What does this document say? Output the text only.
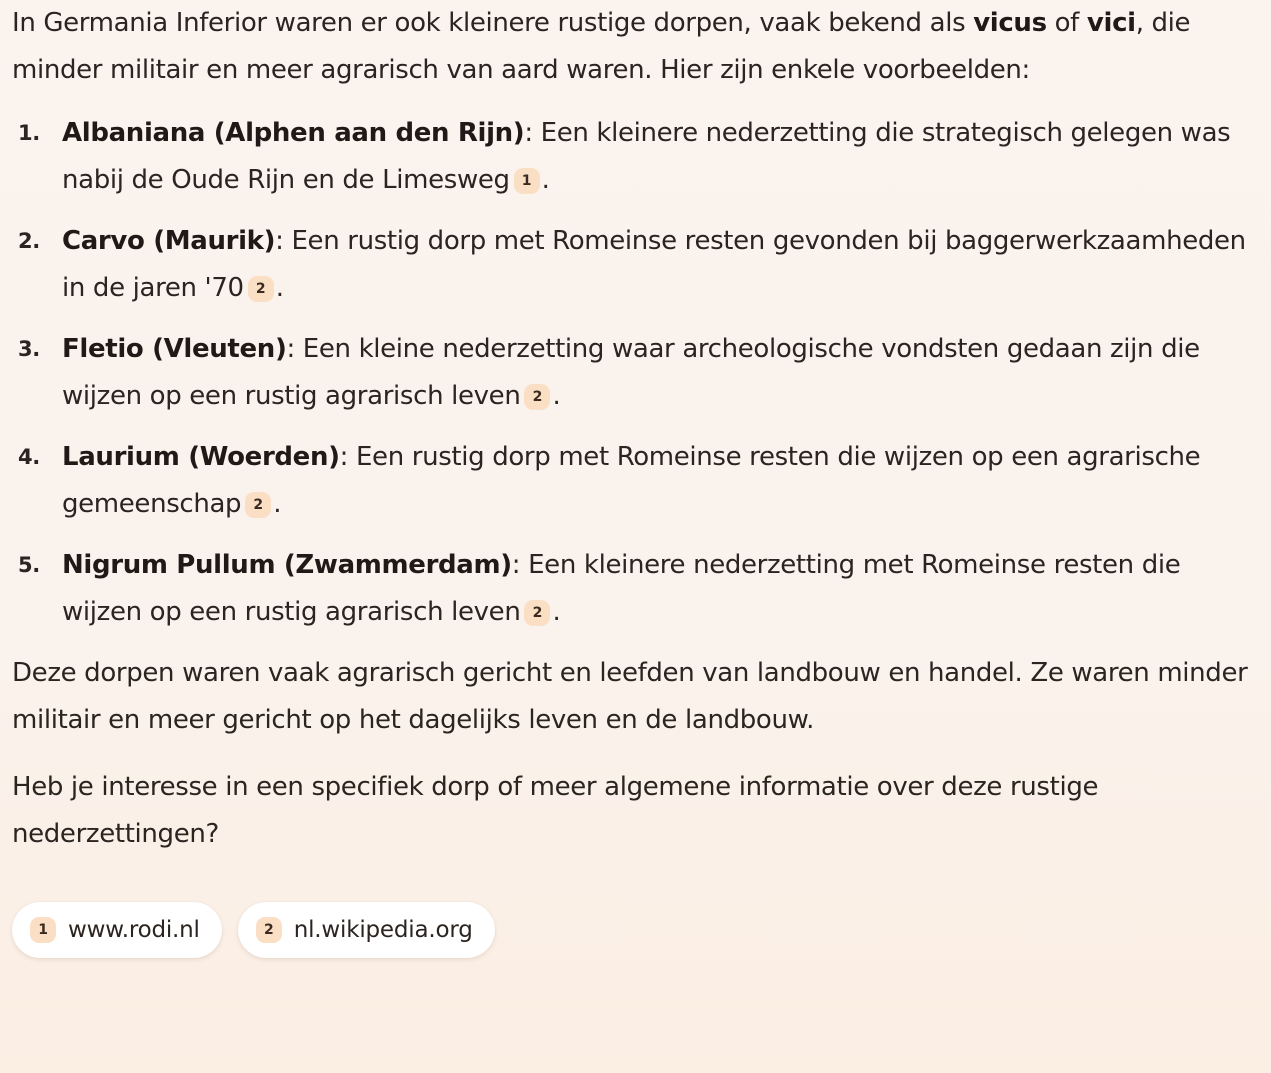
In Germania Inferior waren er ook kleinere rustige dorpen, vaak bekend als vicus of vici, die minder militair en meer agrarisch van aard waren. Hier zijn enkele voorbeelden:

1. Albaniana (Alphen aan den Rijn): Een kleinere nederzetting die strategisch gelegen was nabij de Oude Rijn en de Limesweg 1 .
2. Carvo (Maurik): Een rustig dorp met Romeinse resten gevonden bij baggerwerkzaamheden in de jaren '70 2 .
3. Fletio (Vleuten): Een kleine nederzetting waar archeologische vondsten gedaan zijn die wijzen op een rustig agrarisch leven 2 .
4. Laurium (Woerden): Een rustig dorp met Romeinse resten die wijzen op een agrarische gemeenschap 2 .
5. Nigrum Pullum (Zwammerdam): Een kleinere nederzetting met Romeinse resten die wijzen op een rustig agrarisch leven 2 .

Deze dorpen waren vaak agrarisch gericht en leefden van landbouw en handel. Ze waren minder militair en meer gericht op het dagelijks leven en de landbouw.

Heb je interesse in een specifiek dorp of meer algemene informatie over deze rustige nederzettingen?

1 www.rodi.nl	2 nl.wikipedia.org
